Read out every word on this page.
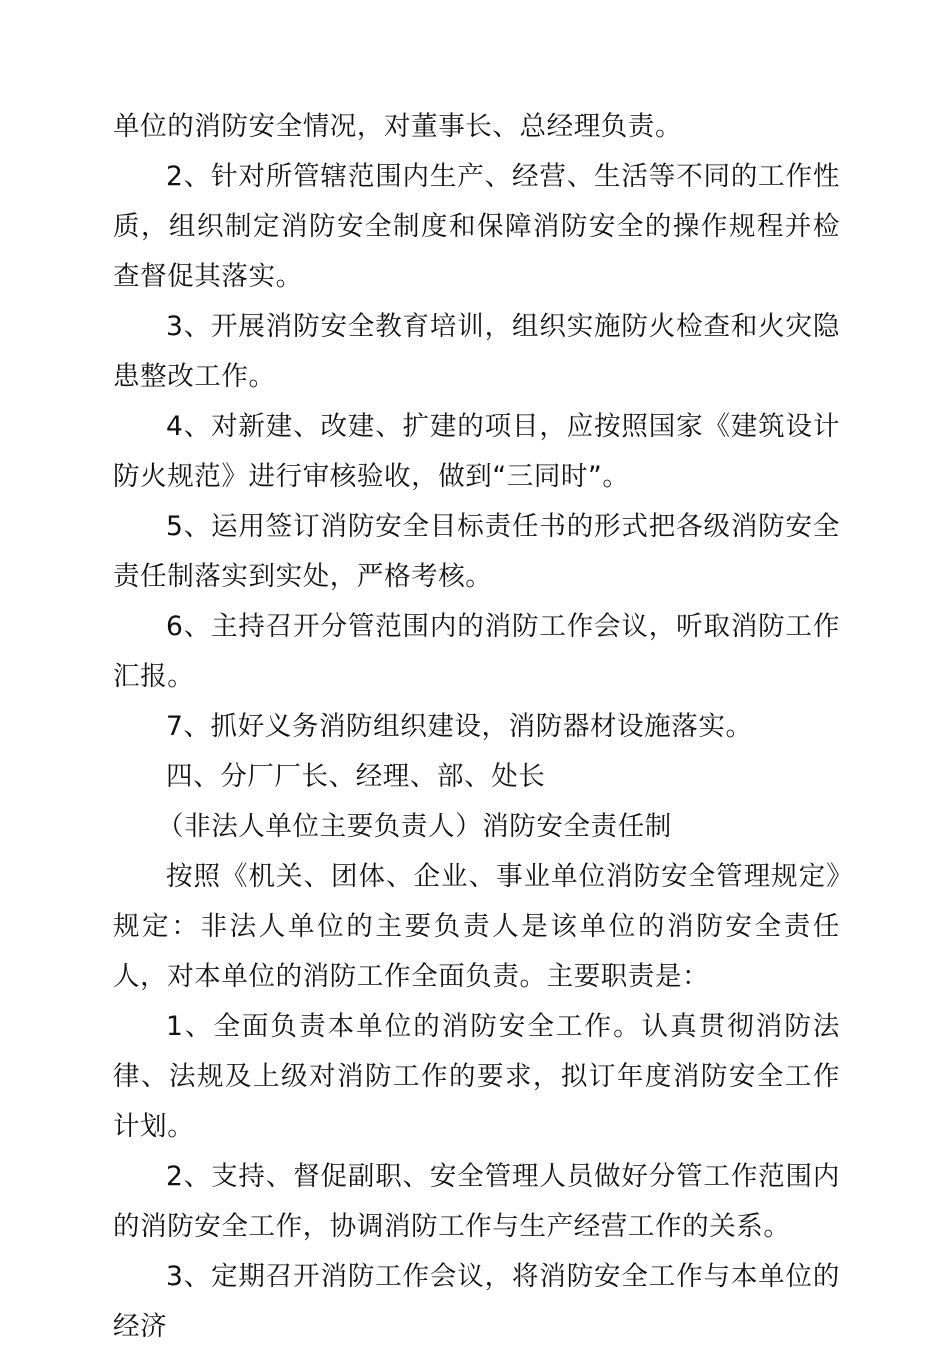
单位的消防安全情况，对董事长、总经理负责。

2、针对所管辖范围内生产、经营、生活等不同的工作性质，组织制定消防安全制度和保障消防安全的操作规程并检查督促其落实。

3、开展消防安全教育培训，组织实施防火检查和火灾隐患整改工作。

4、对新建、改建、扩建的项目，应按照国家《建筑设计防火规范》进行审核验收，做到“三同时”。

5、运用签订消防安全目标责任书的形式把各级消防安全责任制落实到实处，严格考核。

6、主持召开分管范围内的消防工作会议，听取消防工作汇报。

7、抓好义务消防组织建设，消防器材设施落实。

四、分厂厂长、经理、部、处长

（非法人单位主要负责人）消防安全责任制

按照《机关、团体、企业、事业单位消防安全管理规定》规定：非法人单位的主要负责人是该单位的消防安全责任人，对本单位的消防工作全面负责。主要职责是：

1、全面负责本单位的消防安全工作。认真贯彻消防法律、法规及上级对消防工作的要求，拟订年度消防安全工作计划。

2、支持、督促副职、安全管理人员做好分管工作范围内的消防安全工作，协调消防工作与生产经营工作的关系。

3、定期召开消防工作会议，将消防安全工作与本单位的经济
